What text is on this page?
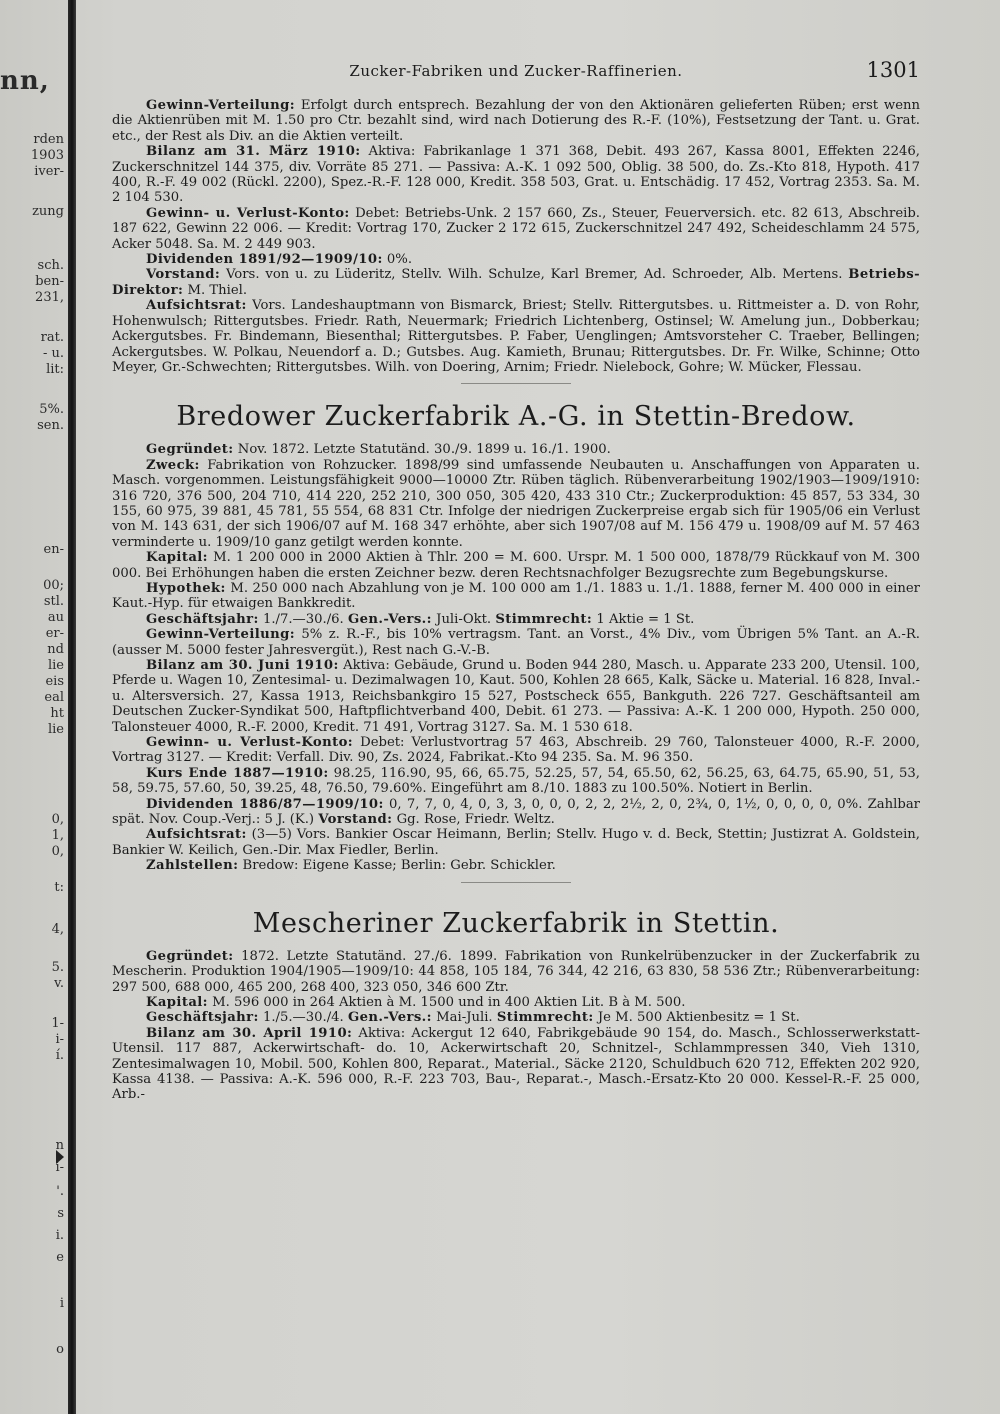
nn,
rden
1903
iver-
zung
sch.
ben-
231,
rat.
- u.
lit:
5%.
sen.
en-
00;
stl.
au
er-
nd
lie
eis
eal
ht
lie
0,
1,
0,
t:
4,
5.
v.
1-
i-
í.
n
i-
'.
s
i.
e
i
o
Zucker-Fabriken und Zucker-Raffinerien.	1301

Gewinn-Verteilung: Erfolgt durch entsprech. Bezahlung der von den Aktionären gelieferten Rüben; erst wenn die Aktienrüben mit M. 1.50 pro Ctr. bezahlt sind, wird nach Dotierung des R.-F. (10%), Festsetzung der Tant. u. Grat. etc., der Rest als Div. an die Aktien verteilt.

Bilanz am 31. März 1910: Aktiva: Fabrikanlage 1 371 368, Debit. 493 267, Kassa 8001, Effekten 2246, Zuckerschnitzel 144 375, div. Vorräte 85 271. — Passiva: A.-K. 1 092 500, Oblig. 38 500, do. Zs.-Kto 818, Hypoth. 417 400, R.-F. 49 002 (Rückl. 2200), Spez.-R.-F. 128 000, Kredit. 358 503, Grat. u. Entschädig. 17 452, Vortrag 2353. Sa. M. 2 104 530.

Gewinn- u. Verlust-Konto: Debet: Betriebs-Unk. 2 157 660, Zs., Steuer, Feuerversich. etc. 82 613, Abschreib. 187 622, Gewinn 22 006. — Kredit: Vortrag 170, Zucker 2 172 615, Zuckerschnitzel 247 492, Scheideschlamm 24 575, Acker 5048. Sa. M. 2 449 903.

Dividenden 1891/92—1909/10: 0%.

Vorstand: Vors. von u. zu Lüderitz, Stellv. Wilh. Schulze, Karl Bremer, Ad. Schroeder, Alb. Mertens. Betriebs-Direktor: M. Thiel.

Aufsichtsrat: Vors. Landeshauptmann von Bismarck, Briest; Stellv. Rittergutsbes. u. Rittmeister a. D. von Rohr, Hohenwulsch; Rittergutsbes. Friedr. Rath, Neuermark; Friedrich Lichtenberg, Ostinsel; W. Amelung jun., Dobberkau; Ackergutsbes. Fr. Bindemann, Biesenthal; Rittergutsbes. P. Faber, Uenglingen; Amtsvorsteher C. Traeber, Bellingen; Ackergutsbes. W. Polkau, Neuendorf a. D.; Gutsbes. Aug. Kamieth, Brunau; Rittergutsbes. Dr. Fr. Wilke, Schinne; Otto Meyer, Gr.-Schwechten; Rittergutsbes. Wilh. von Doering, Arnim; Friedr. Nielebock, Gohre; W. Mücker, Flessau.

Bredower Zuckerfabrik A.-G. in Stettin-Bredow.

Gegründet: Nov. 1872. Letzte Statutänd. 30./9. 1899 u. 16./1. 1900.

Zweck: Fabrikation von Rohzucker. 1898/99 sind umfassende Neubauten u. Anschaffungen von Apparaten u. Masch. vorgenommen. Leistungsfähigkeit 9000—10000 Ztr. Rüben täglich. Rübenverarbeitung 1902/1903—1909/1910: 316 720, 376 500, 204 710, 414 220, 252 210, 300 050, 305 420, 433 310 Ctr.; Zuckerproduktion: 45 857, 53 334, 30 155, 60 975, 39 881, 45 781, 55 554, 68 831 Ctr. Infolge der niedrigen Zuckerpreise ergab sich für 1905/06 ein Verlust von M. 143 631, der sich 1906/07 auf M. 168 347 erhöhte, aber sich 1907/08 auf M. 156 479 u. 1908/09 auf M. 57 463 verminderte u. 1909/10 ganz getilgt werden konnte.

Kapital: M. 1 200 000 in 2000 Aktien à Thlr. 200 = M. 600. Urspr. M. 1 500 000, 1878/79 Rückkauf von M. 300 000. Bei Erhöhungen haben die ersten Zeichner bezw. deren Rechtsnachfolger Bezugsrechte zum Begebungskurse.

Hypothek: M. 250 000 nach Abzahlung von je M. 100 000 am 1./1. 1883 u. 1./1. 1888, ferner M. 400 000 in einer Kaut.-Hyp. für etwaigen Bankkredit.

Geschäftsjahr: 1./7.—30./6. Gen.-Vers.: Juli-Okt. Stimmrecht: 1 Aktie = 1 St.

Gewinn-Verteilung: 5% z. R.-F., bis 10% vertragsm. Tant. an Vorst., 4% Div., vom Übrigen 5% Tant. an A.-R. (ausser M. 5000 fester Jahresvergüt.), Rest nach G.-V.-B.

Bilanz am 30. Juni 1910: Aktiva: Gebäude, Grund u. Boden 944 280, Masch. u. Apparate 233 200, Utensil. 100, Pferde u. Wagen 10, Zentesimal- u. Dezimalwagen 10, Kaut. 500, Kohlen 28 665, Kalk, Säcke u. Material. 16 828, Inval.- u. Altersversich. 27, Kassa 1913, Reichsbankgiro 15 527, Postscheck 655, Bankguth. 226 727. Geschäftsanteil am Deutschen Zucker-Syndikat 500, Haftpflichtverband 400, Debit. 61 273. — Passiva: A.-K. 1 200 000, Hypoth. 250 000, Talonsteuer 4000, R.-F. 2000, Kredit. 71 491, Vortrag 3127. Sa. M. 1 530 618.

Gewinn- u. Verlust-Konto: Debet: Verlustvortrag 57 463, Abschreib. 29 760, Talonsteuer 4000, R.-F. 2000, Vortrag 3127. — Kredit: Verfall. Div. 90, Zs. 2024, Fabrikat.-Kto 94 235. Sa. M. 96 350.

Kurs Ende 1887—1910: 98.25, 116.90, 95, 66, 65.75, 52.25, 57, 54, 65.50, 62, 56.25, 63, 64.75, 65.90, 51, 53, 58, 59.75, 57.60, 50, 39.25, 48, 76.50, 79.60%. Eingeführt am 8./10. 1883 zu 100.50%. Notiert in Berlin.

Dividenden 1886/87—1909/10: 0, 7, 7, 0, 4, 0, 3, 3, 0, 0, 0, 2, 2, 2½, 2, 0, 2¾, 0, 1½, 0, 0, 0, 0, 0%. Zahlbar spät. Nov. Coup.-Verj.: 5 J. (K.) Vorstand: Gg. Rose, Friedr. Weltz.

Aufsichtsrat: (3—5) Vors. Bankier Oscar Heimann, Berlin; Stellv. Hugo v. d. Beck, Stettin; Justizrat A. Goldstein, Bankier W. Keilich, Gen.-Dir. Max Fiedler, Berlin.

Zahlstellen: Bredow: Eigene Kasse; Berlin: Gebr. Schickler.

Mescheriner Zuckerfabrik in Stettin.

Gegründet: 1872. Letzte Statutänd. 27./6. 1899. Fabrikation von Runkelrübenzucker in der Zuckerfabrik zu Mescherin. Produktion 1904/1905—1909/10: 44 858, 105 184, 76 344, 42 216, 63 830, 58 536 Ztr.; Rübenverarbeitung: 297 500, 688 000, 465 200, 268 400, 323 050, 346 600 Ztr.

Kapital: M. 596 000 in 264 Aktien à M. 1500 und in 400 Aktien Lit. B à M. 500.

Geschäftsjahr: 1./5.—30./4. Gen.-Vers.: Mai-Juli. Stimmrecht: Je M. 500 Aktienbesitz = 1 St.

Bilanz am 30. April 1910: Aktiva: Ackergut 12 640, Fabrikgebäude 90 154, do. Masch., Schlosserwerkstatt-Utensil. 117 887, Ackerwirtschaft- do. 10, Ackerwirtschaft 20, Schnitzel-, Schlammpressen 340, Vieh 1310, Zentesimalwagen 10, Mobil. 500, Kohlen 800, Reparat., Material., Säcke 2120, Schuldbuch 620 712, Effekten 202 920, Kassa 4138. — Passiva: A.-K. 596 000, R.-F. 223 703, Bau-, Reparat.-, Masch.-Ersatz-Kto 20 000. Kessel-R.-F. 25 000, Arb.-
